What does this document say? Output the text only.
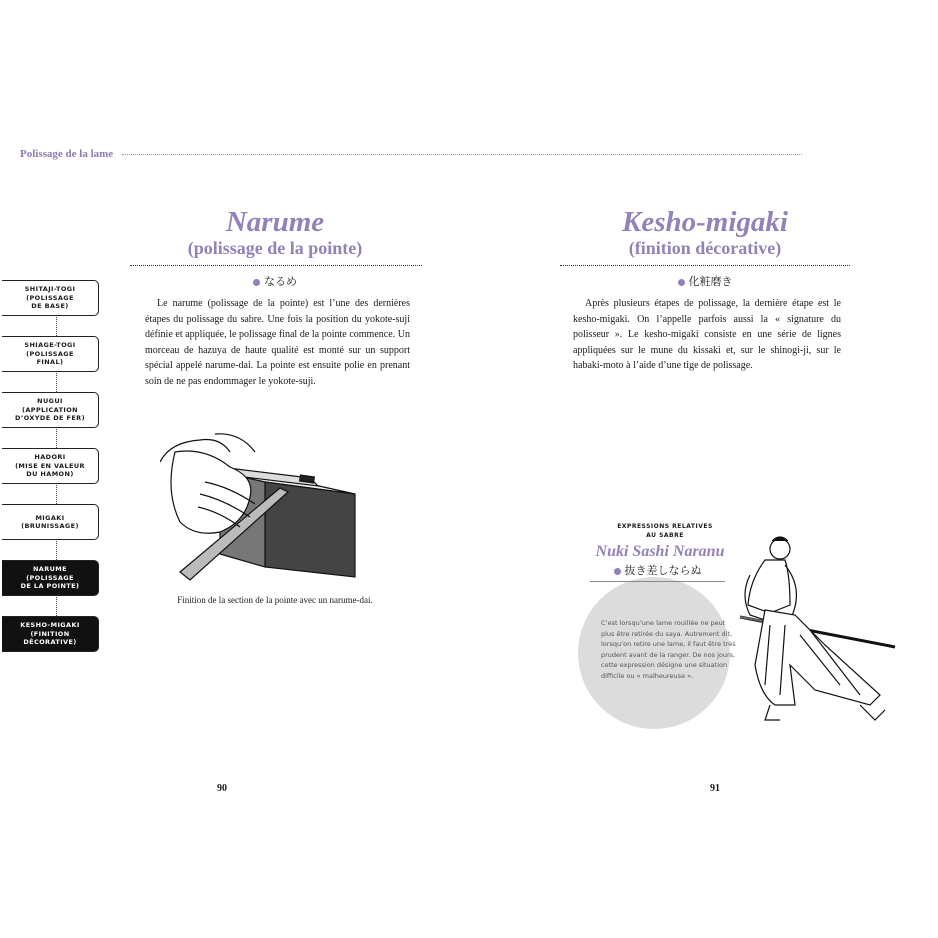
Polissage de la lame
Narume
(polissage de la pointe)
なるめ
Le narume (polissage de la pointe) est l’une des dernières étapes du polissage du sabre. Une fois la position du yokote-suji définie et appliquée, le polissage final de la pointe commence. Un morceau de hazuya de haute qualité est monté sur un support spécial appelé narume-dai. La pointe est ensuite polie en prenant soin de ne pas endommager le yokote-suji.
Finition de la section de la pointe avec un narume-dai.
90
SHITAJI-TOGI
(POLISSAGE
DE BASE)
SHIAGE-TOGI
(POLISSAGE
FINAL)
NUGUI
(APPLICATION
D’OXYDE DE FER)
HADORI
(MISE EN VALEUR
DU HAMON)
MIGAKI
(BRUNISSAGE)
NARUME
(POLISSAGE
DE LA POINTE)
KESHO-MIGAKI
(FINITION
DÉCORATIVE)
Kesho-migaki
(finition décorative)
化粧磨き
Après plusieurs étapes de polissage, la dernière étape est le kesho-migaki. On l’appelle parfois aussi la « signature du polisseur ». Le kesho-migaki consiste en une série de lignes appliquées sur le mune du kissaki et, sur le shinogi-ji, sur le habaki-moto à l’aide d’une tige de polissage.
EXPRESSIONS RELATIVES
AU SABRE
Nuki Sashi Naranu
抜き差しならぬ
C’est lorsqu’une lame rouillée ne peut plus être retirée du saya. Autrement dit, lorsqu’on retire une lame, il faut être très prudent avant de la ranger. De nos jours, cette expression désigne une situation difficile ou « malheureuse ».
91
